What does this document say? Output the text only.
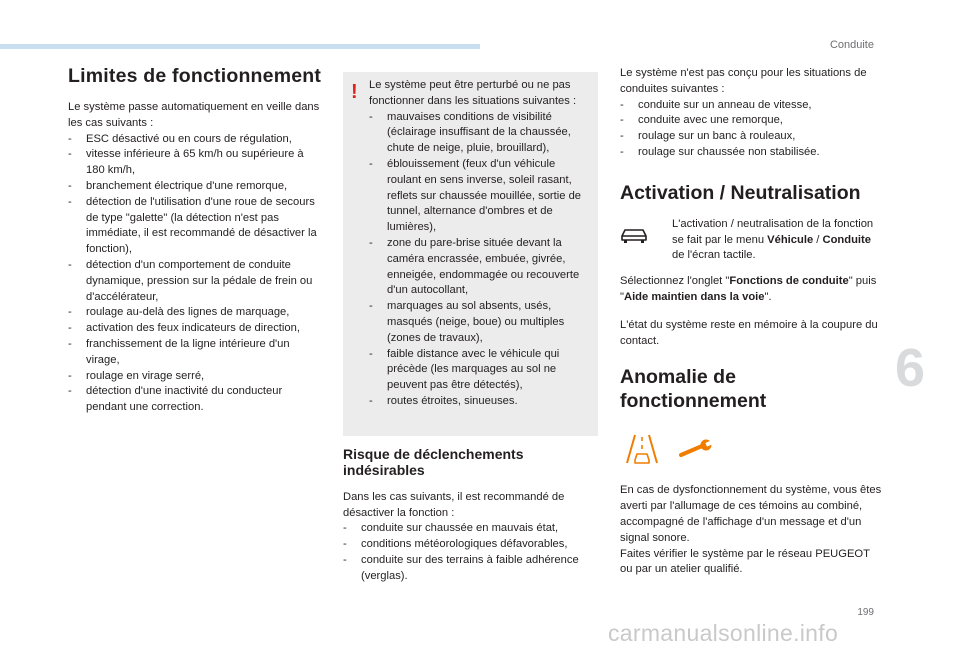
Conduite
6
199
carmanualsonline.info
Limites de fonctionnement

Le système passe automatiquement en veille dans les cas suivants :

- ESC désactivé ou en cours de régulation,
- vitesse inférieure à 65 km/h ou supérieure à 180 km/h,
- branchement électrique d'une remorque,
- détection de l'utilisation d'une roue de secours de type "galette" (la détection n'est pas immédiate, il est recommandé de désactiver la fonction),
- détection d'un comportement de conduite dynamique, pression sur la pédale de frein ou d'accélérateur,
- roulage au-delà des lignes de marquage,
- activation des feux indicateurs de direction,
- franchissement de la ligne intérieure d'un virage,
- roulage en virage serré,
- détection d'une inactivité du conducteur pendant une correction.
! Le système peut être perturbé ou ne pas fonctionner dans les situations suivantes :

- mauvaises conditions de visibilité (éclairage insuffisant de la chaussée, chute de neige, pluie, brouillard),
- éblouissement (feux d'un véhicule roulant en sens inverse, soleil rasant, reflets sur chaussée mouillée, sortie de tunnel, alternance d'ombres et de lumières),
- zone du pare-brise située devant la caméra encrassée, embuée, givrée, enneigée, endommagée ou recouverte d'un autocollant,
- marquages au sol absents, usés, masqués (neige, boue) ou multiples (zones de travaux),
- faible distance avec le véhicule qui précède (les marquages au sol ne peuvent pas être détectés),
- routes étroites, sinueuses.
Risque de déclenchements
indésirables

Dans les cas suivants, il est recommandé de désactiver la fonction :

- conduite sur chaussée en mauvais état,
- conditions météorologiques défavorables,
- conduite sur des terrains à faible adhérence (verglas).

Le système n'est pas conçu pour les situations de conduites suivantes :

- conduite sur un anneau de vitesse,
- conduite avec une remorque,
- roulage sur un banc à rouleaux,
- roulage sur chaussée non stabilisée.
Activation / Neutralisation

L'activation / neutralisation de la fonction se fait par le menu Véhicule / Conduite de l'écran tactile.

Sélectionnez l'onglet "Fonctions de conduite" puis "Aide maintien dans la voie".

L'état du système reste en mémoire à la coupure du contact.

Anomalie de
fonctionnement

En cas de dysfonctionnement du système, vous êtes averti par l'allumage de ces témoins au combiné, accompagné de l'affichage d'un message et d'un signal sonore.

Faites vérifier le système par le réseau PEUGEOT ou par un atelier qualifié.
